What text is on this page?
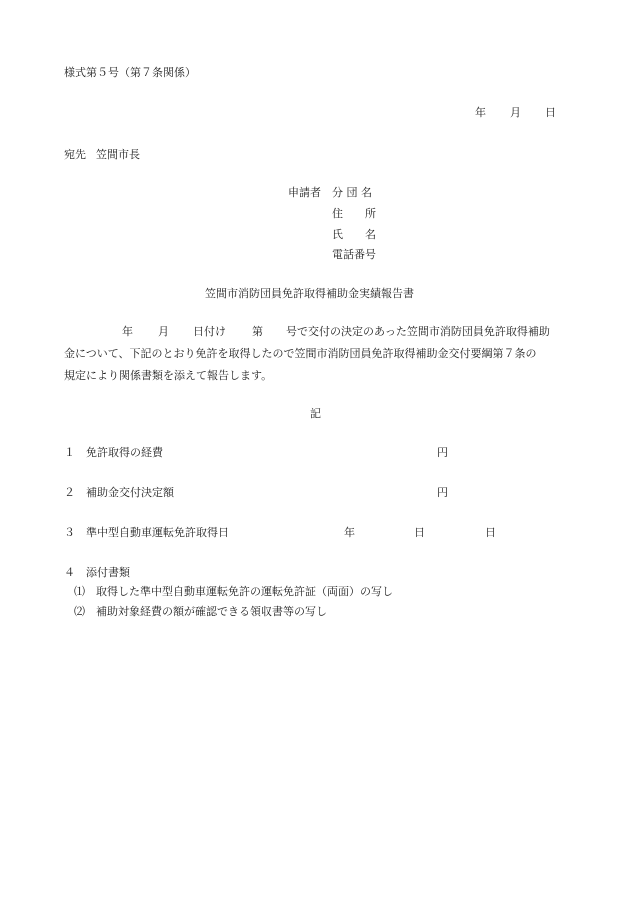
様式第５号（第７条関係）
年 月 日
宛先 笠間市長
申請者 分 団 名
住　　所
氏　　名
電話番号
笠間市消防団員免許取得補助金実績報告書
年 月 日付け 第 号で交付の決定のあった笠間市消防団員免許取得補助
金について、下記のとおり免許を取得したので笠間市消防団員免許取得補助金交付要綱第７条の
規定により関係書類を添えて報告します。
記
１ 免許取得の経費	円
２ 補助金交付決定額	円
３ 準中型自動車運転免許取得日	年	日	日
４ 添付書類
⑴ 取得した準中型自動車運転免許の運転免許証（両面）の写し
⑵ 補助対象経費の額が確認できる領収書等の写し
